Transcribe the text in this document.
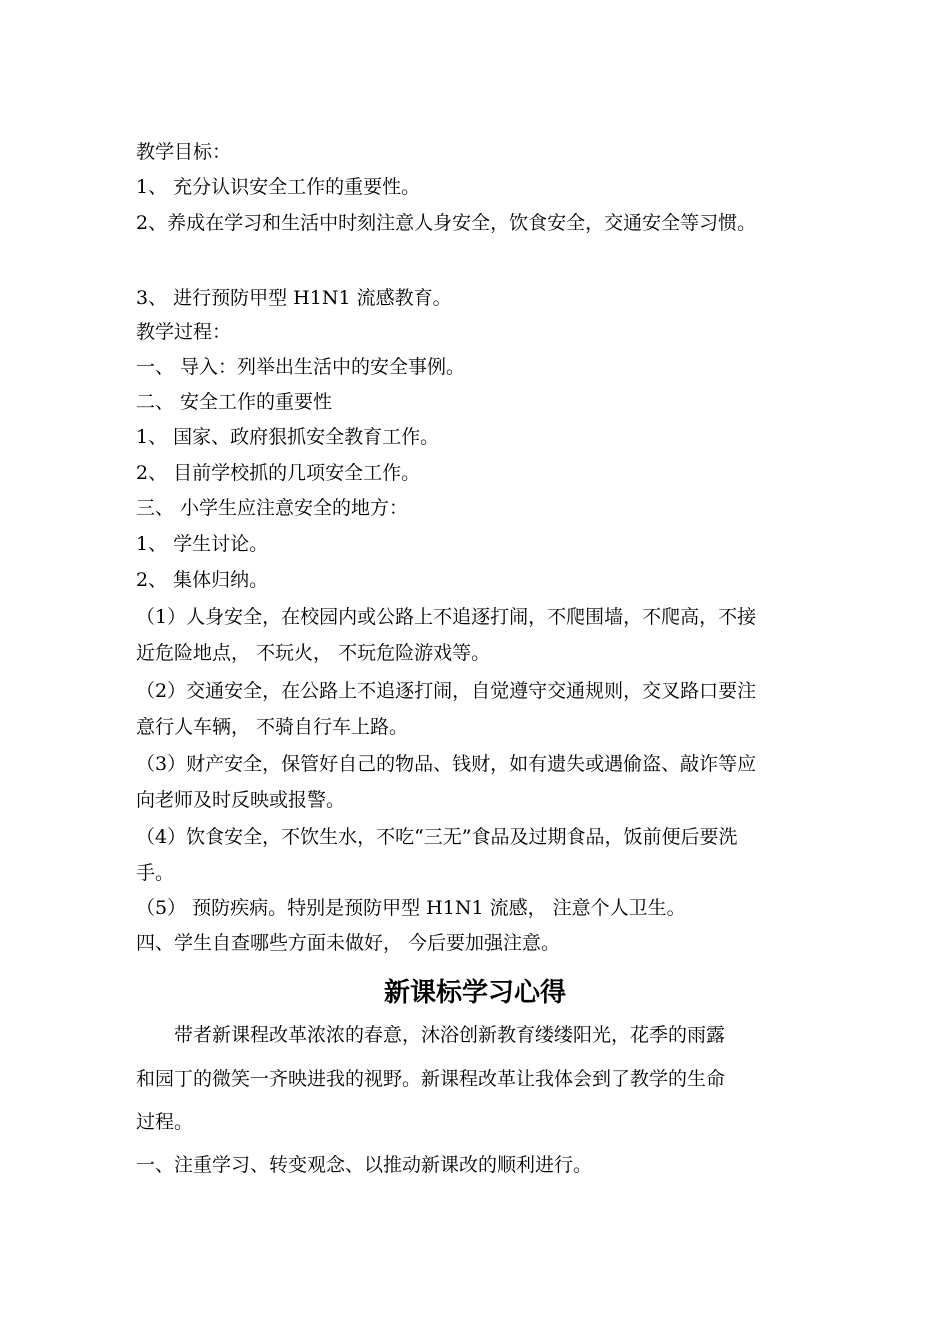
教学目标：
1、 充分认识安全工作的重要性。
2、养成在学习和生活中时刻注意人身安全，饮食安全，交通安全等习惯。
3、 进行预防甲型 H1N1 流感教育。
教学过程：
一、 导入：列举出生活中的安全事例。
二、 安全工作的重要性
1、 国家、政府狠抓安全教育工作。
2、 目前学校抓的几项安全工作。
三、 小学生应注意安全的地方：
1、 学生讨论。
2、 集体归纳。
（1）人身安全，在校园内或公路上不追逐打闹，不爬围墙，不爬高，不接
近危险地点， 不玩火， 不玩危险游戏等。
（2）交通安全，在公路上不追逐打闹，自觉遵守交通规则，交叉路口要注
意行人车辆， 不骑自行车上路。
（3）财产安全，保管好自己的物品、钱财，如有遗失或遇偷盗、敲诈等应
向老师及时反映或报警。
（4）饮食安全，不饮生水，不吃“三无”食品及过期食品，饭前便后要洗
手。
（5） 预防疾病。特别是预防甲型 H1N1 流感， 注意个人卫生。
四、学生自查哪些方面未做好， 今后要加强注意。
新课标学习心得
　　带者新课程改革浓浓的春意，沐浴创新教育缕缕阳光，花季的雨露
和园丁的微笑一齐映进我的视野。新课程改革让我体会到了教学的生命
过程。
一、注重学习、转变观念、以推动新课改的顺利进行。
